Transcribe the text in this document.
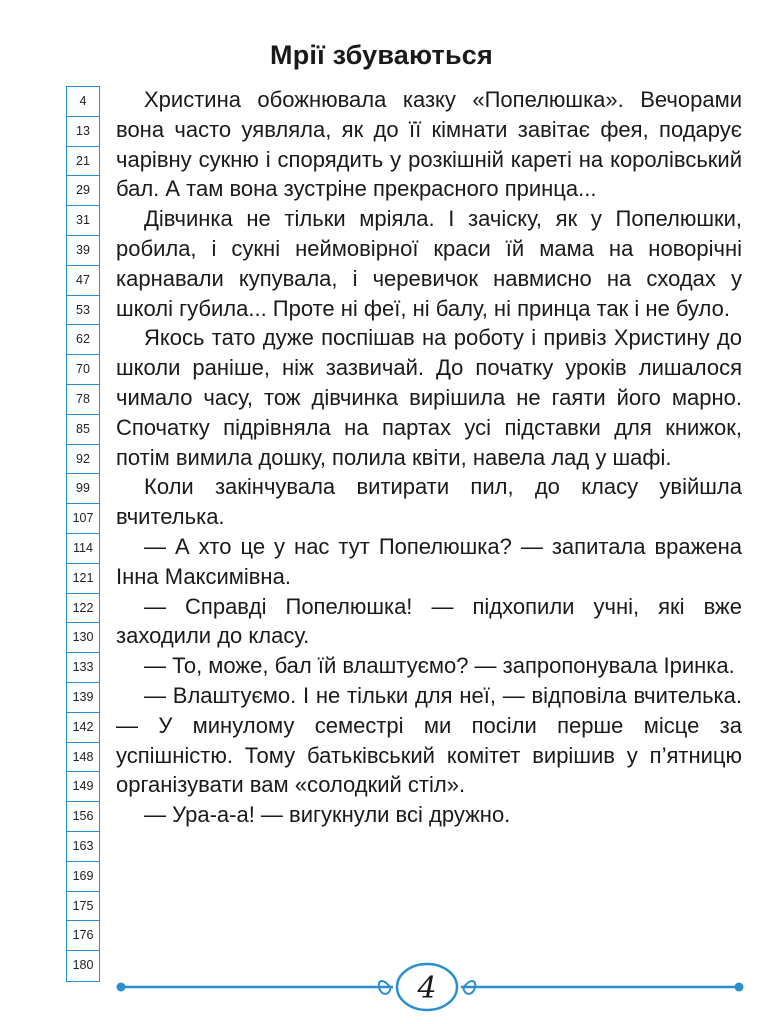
Мрії збуваються
4
13
21
29
31
39
47
53
62
70
78
85
92
99
107
114
121
122
130
133
139
142
148
149
156
163
169
175
176
180

Христина обожнювала казку «Попелюшка». Вечорами вона часто уявляла, як до її кімнати завітає фея, подарує чарівну сукню і спорядить у розкішній кареті на королівський бал. А там вона зустріне прекрасного принца...

Дівчинка не тільки мріяла. І зачіску, як у Попелюшки, робила, і сукні неймовірної краси їй мама на новорічні карнавали купувала, і черевичок навмисно на сходах у школі губила... Проте ні феї, ні балу, ні принца так і не було.

Якось тато дуже поспішав на роботу і привіз Христину до школи раніше, ніж зазвичай. До початку уроків лишалося чимало часу, тож дівчинка вирішила не гаяти його марно. Спочатку підрівняла на партах усі підставки для книжок, потім вимила дошку, полила квіти, навела лад у шафі.

Коли закінчувала витирати пил, до класу увійшла вчителька.

— А хто це у нас тут Попелюшка? — запитала вражена Інна Максимівна.

— Справді Попелюшка! — підхопили учні, які вже заходили до класу.

— То, може, бал їй влаштуємо? — запропонувала Іринка.

— Влаштуємо. І не тільки для неї, — відповіла вчителька. — У минулому семестрі ми посіли перше місце за успішністю. Тому батьківський комітет вирішив у п’ятницю організувати вам «солодкий стіл».

— Ура-а-а! — вигукнули всі дружно.

4
